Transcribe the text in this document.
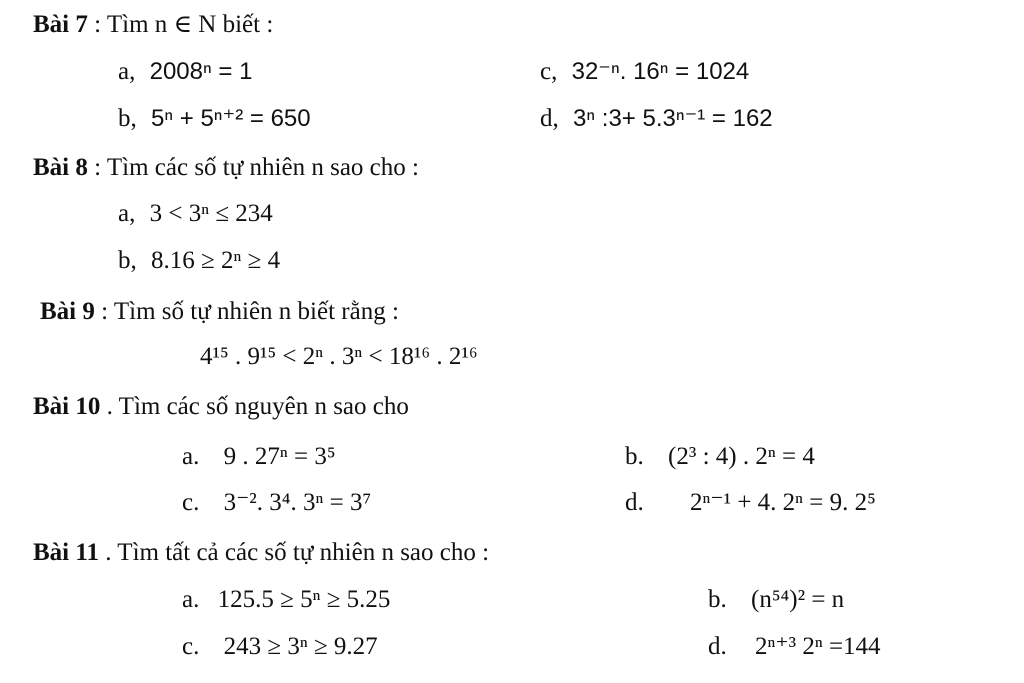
Bài 7 : Tìm n ∈ N biết :
a, 2008ⁿ = 1	c, 32⁻ⁿ. 16ⁿ = 1024
b, 5ⁿ + 5ⁿ⁺² = 650	d, 3ⁿ :3+ 5.3ⁿ⁻¹ = 162
Bài 8 : Tìm các số tự nhiên n sao cho :
a, 3 < 3ⁿ ≤ 234
b, 8.16 ≥ 2ⁿ ≥ 4
Bài 9 : Tìm số tự nhiên n biết rằng :
4¹⁵ . 9¹⁵ < 2ⁿ . 3ⁿ < 18¹⁶ . 2¹⁶
Bài 10 . Tìm các số nguyên n sao cho
a. 9 . 27ⁿ = 3⁵	b. (2³ : 4) . 2ⁿ = 4
c. 3⁻². 3⁴. 3ⁿ = 3⁷	d. 2ⁿ⁻¹ + 4. 2ⁿ = 9. 2⁵
Bài 11 . Tìm tất cả các số tự nhiên n sao cho :
a. 125.5 ≥ 5ⁿ ≥ 5.25	b. (n⁵⁴)² = n
c. 243 ≥ 3ⁿ ≥ 9.27	d. 2ⁿ⁺³ 2ⁿ =144
